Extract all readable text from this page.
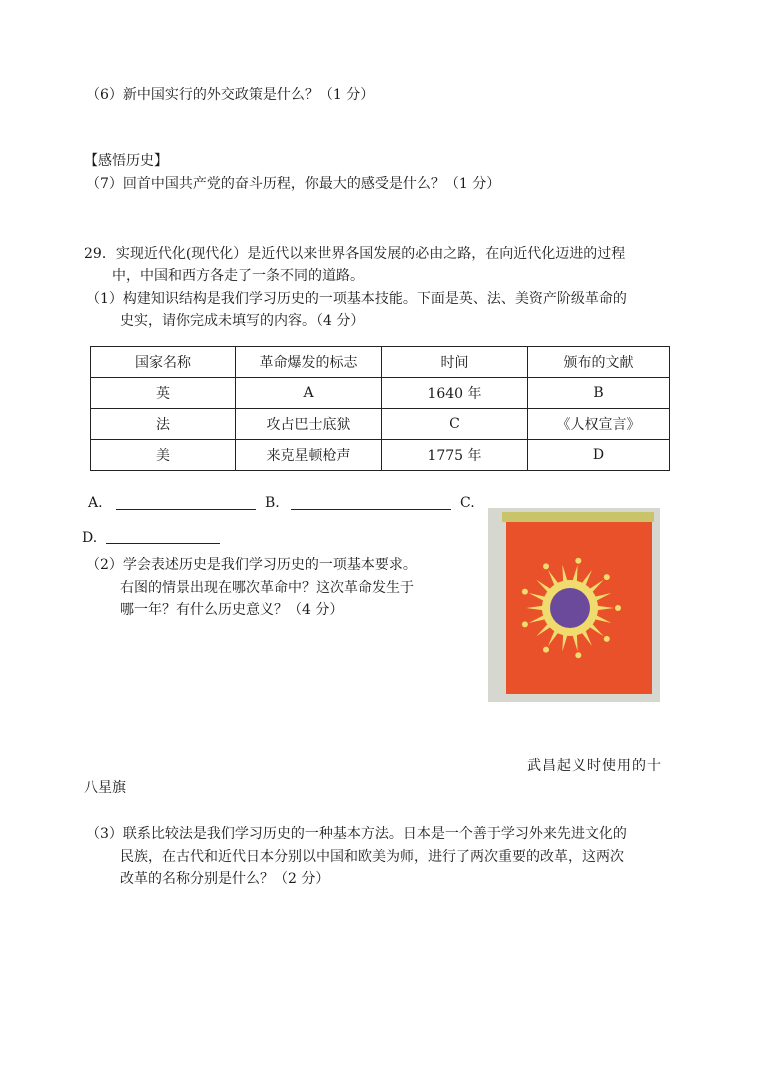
（6）新中国实行的外交政策是什么？（1 分）
【感悟历史】
（7）回首中国共产党的奋斗历程，你最大的感受是什么？（1 分）
29．实现近代化(现代化）是近代以来世界各国发展的必由之路，在向近代化迈进的过程
中，中国和西方各走了一条不同的道路。
（1）构建知识结构是我们学习历史的一项基本技能。下面是英、法、美资产阶级革命的
史实，请你完成未填写的内容。（4 分）
国家名称	革命爆发的标志	时间	颁布的文献
英	A	1640 年	B
法	攻占巴士底狱	C	《人权宣言》
美	来克星顿枪声	1775 年	D
A.	B.	C.
D.
（2）学会表述历史是我们学习历史的一项基本要求。
右图的情景出现在哪次革命中？这次革命发生于
哪一年？有什么历史意义？（4 分）
武昌起义时使用的十
八星旗
（3）联系比较法是我们学习历史的一种基本方法。日本是一个善于学习外来先进文化的
民族，在古代和近代日本分别以中国和欧美为师，进行了两次重要的改革，这两次
改革的名称分别是什么？（2 分）
